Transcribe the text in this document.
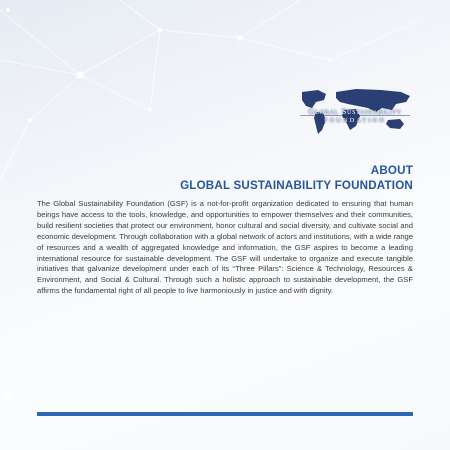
Global Sustainability
FOUNDATION
ABOUT
GLOBAL SUSTAINABILITY FOUNDATION

The Global Sustainability Foundation (GSF) is a not-for-profit organization dedicated to ensuring that human beings have access to the tools, knowledge, and opportunities to empower themselves and their communities, build resilient societies that protect our environment, honor cultural and social diversity, and cultivate social and economic development. Through collaboration with a global network of actors and institutions, with a wide range of resources and a wealth of aggregated knowledge and information, the GSF aspires to become a leading international resource for sustainable development. The GSF will undertake to organize and execute tangible initiatives that galvanize development under each of its “Three Pillars”: Science & Technology, Resources & Environment, and Social & Cultural. Through such a holistic approach to sustainable development, the GSF affirms the fundamental right of all people to live harmoniously in justice and with dignity.
